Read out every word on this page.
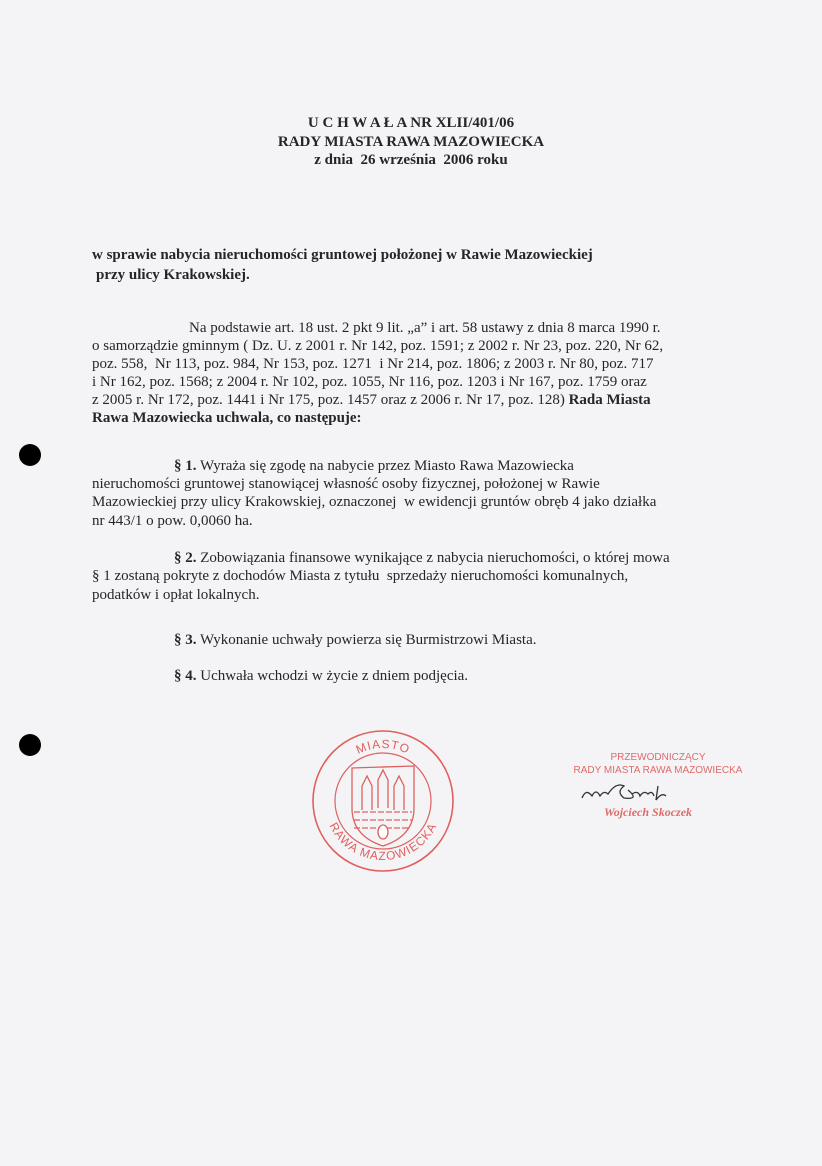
U C H W A Ł A NR XLII/401/06
RADY MIASTA RAWA MAZOWIECKA
z dnia  26 września  2006 roku
w sprawie nabycia nieruchomości gruntowej położonej w Rawie Mazowieckiej
przy ulicy Krakowskiej.
Na podstawie art. 18 ust. 2 pkt 9 lit. „a” i art. 58 ustawy z dnia 8 marca 1990 r.
o samorządzie gminnym ( Dz. U. z 2001 r. Nr 142, poz. 1591; z 2002 r. Nr 23, poz. 220, Nr 62,
poz. 558,  Nr 113, poz. 984, Nr 153, poz. 1271  i Nr 214, poz. 1806; z 2003 r. Nr 80, poz. 717
i Nr 162, poz. 1568; z 2004 r. Nr 102, poz. 1055, Nr 116, poz. 1203 i Nr 167, poz. 1759 oraz
z 2005 r. Nr 172, poz. 1441 i Nr 175, poz. 1457 oraz z 2006 r. Nr 17, poz. 128) Rada Miasta
Rawa Mazowiecka uchwala, co następuje:
§ 1. Wyraża się zgodę na nabycie przez Miasto Rawa Mazowiecka
nieruchomości gruntowej stanowiącej własność osoby fizycznej, położonej w Rawie
Mazowieckiej przy ulicy Krakowskiej, oznaczonej  w ewidencji gruntów obręb 4 jako działka
nr 443/1 o pow. 0,0060 ha.
§ 2. Zobowiązania finansowe wynikające z nabycia nieruchomości, o której mowa
§ 1 zostaną pokryte z dochodów Miasta z tytułu  sprzedaży nieruchomości komunalnych,
podatków i opłat lokalnych.
§ 3. Wykonanie uchwały powierza się Burmistrzowi Miasta.
§ 4. Uchwała wchodzi w życie z dniem podjęcia.
MIASTO
RAWA MAZOWIECKA
PRZEWODNICZĄCY
RADY MIASTA RAWA MAZOWIECKA
Wojciech Skoczek
